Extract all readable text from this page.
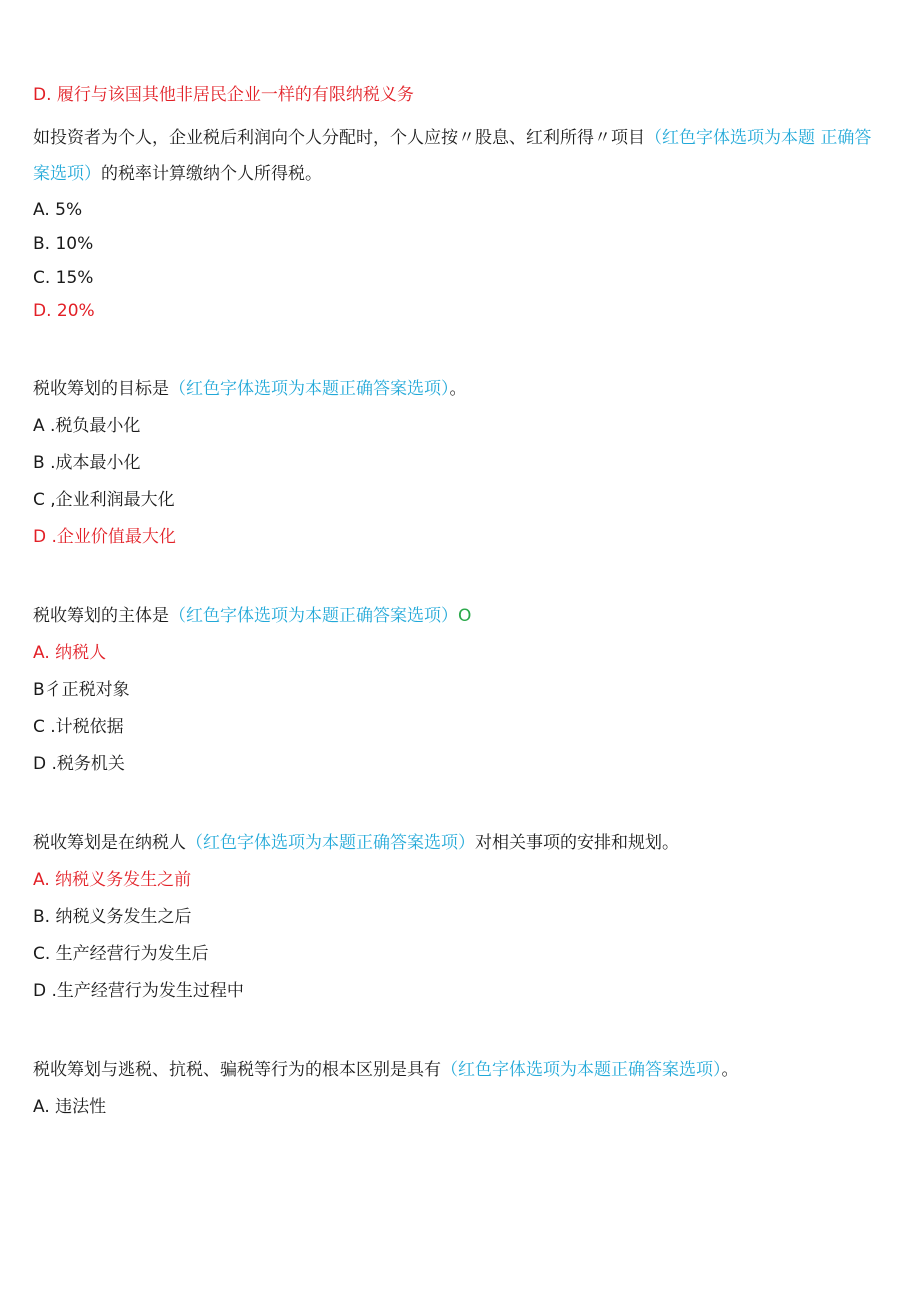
D. 履行与该国其他非居民企业一样的有限纳税义务
如投资者为个人，企业税后利润向个人分配时，个人应按〃股息、红利所得〃项目（红色字体选项为本题 正确答案选项）的税率计算缴纳个人所得税。
A. 5%
B. 10%
C. 15%
D. 20%
税收筹划的目标是（红色字体选项为本题正确答案选项）。
A .税负最小化
B .成本最小化
C ,企业利润最大化
D .企业价值最大化
税收筹划的主体是（红色字体选项为本题正确答案选项）O
A. 纳税人
B彳正税对象
C .计税依据
D .税务机关
税收筹划是在纳税人（红色字体选项为本题正确答案选项）对相关事项的安排和规划。
A. 纳税义务发生之前
B. 纳税义务发生之后
C. 生产经营行为发生后
D .生产经营行为发生过程中
税收筹划与逃税、抗税、骗税等行为的根本区别是具有（红色字体选项为本题正确答案选项）。
A. 违法性
